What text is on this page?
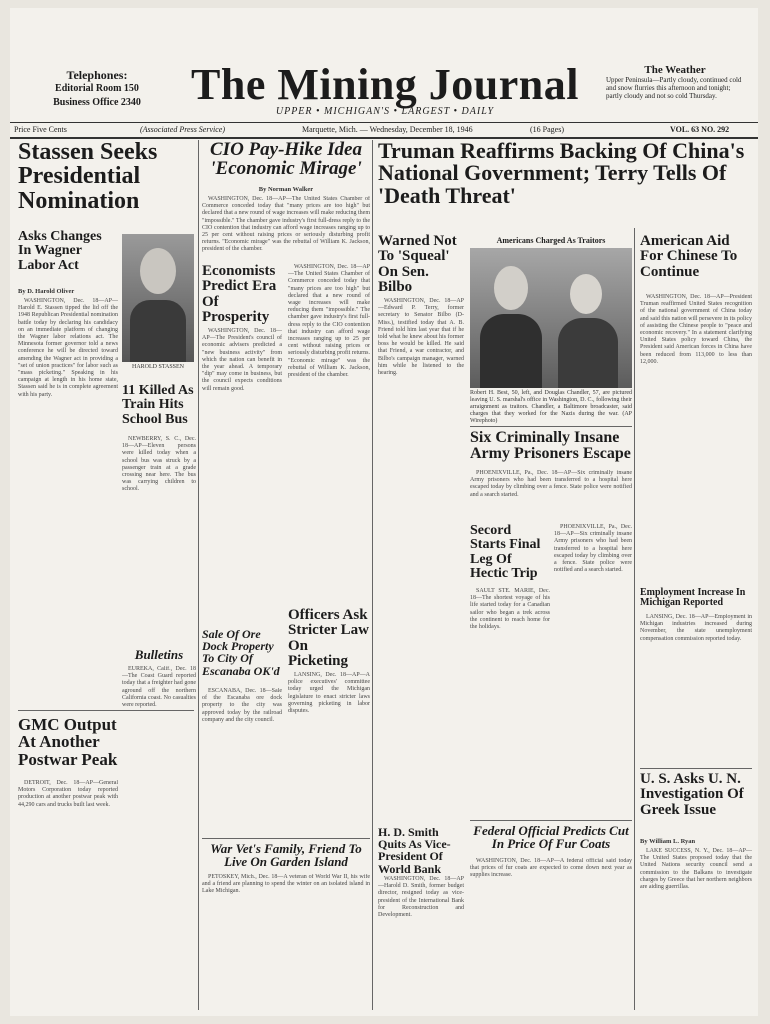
Telephones:
Editorial Room 150
Business Office 2340	The Mining Journal
UPPER • MICHIGAN'S • LARGEST • DAILY
The Weather
Upper Peninsula—Partly cloudy, continued cold and snow flurries this afternoon and tonight; partly cloudy and not so cold Thursday.
Price Five Cents	(Associated Press Service)	Marquette, Mich. — Wednesday, December 18, 1946	(16 Pages)	VOL. 63 NO. 292
Stassen Seeks Presidential Nomination
Asks Changes In Wagner Labor Act
By D. Harold Oliver

WASHINGTON, Dec. 18—AP—Harold E. Stassen tipped the lid off the 1948 Republican Presidential nomination battle today by declaring his candidacy on an immediate platform of changing the Wagner labor relations act. The Minnesota former governor told a news conference he will be directed toward amending the Wagner act in providing a "set of union practices" for labor such as "mass picketing." Speaking in his campaign at length in his home state, Stassen said he is in complete agreement with his party.

HAROLD STASSEN
11 Killed As Train Hits School Bus

NEWBERRY, S. C., Dec. 18—AP—Eleven persons were killed today when a school bus was struck by a passenger train at a grade crossing near here. The bus was carrying children to school.

GMC Output At Another Postwar Peak

DETROIT, Dec. 18—AP—General Motors Corporation today reported production at another postwar peak with 44,290 cars and trucks built last week.

Bulletins

EUREKA, Calif., Dec. 18—The Coast Guard reported today that a freighter had gone aground off the northern California coast. No casualties were reported.

CIO Pay-Hike Idea 'Economic Mirage'
By Norman Walker

WASHINGTON, Dec. 18—AP—The United States Chamber of Commerce conceded today that "many prices are too high" but declared that a new round of wage increases will make reducing them "impossible." The chamber gave industry's first full-dress reply to the CIO contention that industry can afford wage increases ranging up to 25 per cent without raising prices or seriously disturbing profit returns. "Economic mirage" was the rebuttal of William K. Jackson, president of the chamber.

Economists Predict Era Of Prosperity

WASHINGTON, Dec. 18—AP—The President's council of economic advisers predicted a "new business activity" from which the nation can benefit in the year ahead. A temporary "dip" may come in business, but the council expects conditions will remain good.

WASHINGTON, Dec. 18—AP—The United States Chamber of Commerce conceded today that "many prices are too high" but declared that a new round of wage increases will make reducing them "impossible." The chamber gave industry's first full-dress reply to the CIO contention that industry can afford wage increases ranging up to 25 per cent without raising prices or seriously disturbing profit returns. "Economic mirage" was the rebuttal of William K. Jackson, president of the chamber.

Sale Of Ore Dock Property To City Of Escanaba OK'd

ESCANABA, Dec. 18—Sale of the Escanaba ore dock property to the city was approved today by the railroad company and the city council.

Officers Ask Stricter Law On Picketing

LANSING, Dec. 18—AP—A police executives' committee today urged the Michigan legislature to enact stricter laws governing picketing in labor disputes.

War Vet's Family, Friend To Live On Garden Island

PETOSKEY, Mich., Dec. 18—A veteran of World War II, his wife and a friend are planning to spend the winter on an isolated island in Lake Michigan.

Truman Reaffirms Backing Of China's National Government; Terry Tells Of 'Death Threat'
Warned Not To 'Squeal' On Sen. Bilbo

WASHINGTON, Dec. 18—AP—Edward P. Terry, former secretary to Senator Bilbo (D-Miss.), testified today that A. B. Friend told him last year that if he told what he knew about his former boss he would be killed. He said that Friend, a war contractor, and Bilbo's campaign manager, warned him while he listened to the hearing.

Americans Charged As Traitors
Robert H. Best, 50, left, and Douglas Chandler, 57, are pictured leaving U. S. marshal's office in Washington, D. C., following their arraignment as traitors. Chandler, a Baltimore broadcaster, said charges that they worked for the Nazis during the war. (AP Wirephoto)
Six Criminally Insane Army Prisoners Escape

PHOENIXVILLE, Pa., Dec. 18—AP—Six criminally insane Army prisoners who had been transferred to a hospital here escaped today by climbing over a fence. State police were notified and a search started.

Secord Starts Final Leg Of Hectic Trip

SAULT STE. MARIE, Dec. 18—The shortest voyage of his life started today for a Canadian sailor who began a trek across the continent to reach home for the holidays.

PHOENIXVILLE, Pa., Dec. 18—AP—Six criminally insane Army prisoners who had been transferred to a hospital here escaped today by climbing over a fence. State police were notified and a search started.

H. D. Smith Quits As Vice-President Of World Bank

WASHINGTON, Dec. 18—AP—Harold D. Smith, former budget director, resigned today as vice-president of the International Bank for Reconstruction and Development.

Federal Official Predicts Cut In Price Of Fur Coats

WASHINGTON, Dec. 18—AP—A federal official said today that prices of fur coats are expected to come down next year as supplies increase.

American Aid For Chinese To Continue

WASHINGTON, Dec. 18—AP—President Truman reaffirmed United States recognition of the national government of China today and said this nation will persevere in its policy of assisting the Chinese people to "peace and economic recovery." In a statement clarifying United States policy toward China, the President said American forces in China have been reduced from 113,000 to less than 12,000.

Employment Increase In Michigan Reported

LANSING, Dec. 18—AP—Employment in Michigan industries increased during November, the state unemployment compensation commission reported today.

U. S. Asks U. N. Investigation Of Greek Issue
By William L. Ryan

LAKE SUCCESS, N. Y., Dec. 18—AP—The United States proposed today that the United Nations security council send a commission to the Balkans to investigate charges by Greece that her northern neighbors are aiding guerrillas.
